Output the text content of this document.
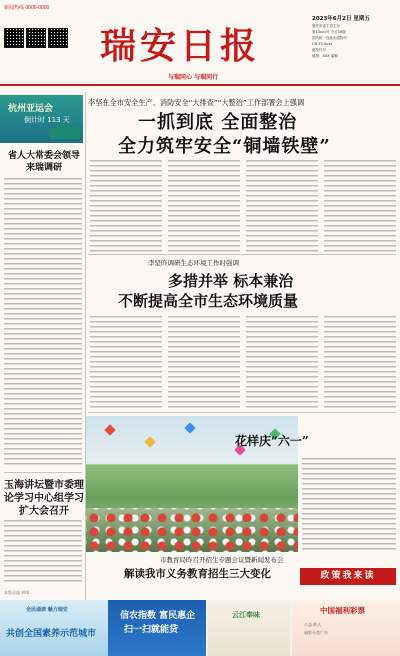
新闻热线 0000-0000
瑞安日报
与瑞同心 与瑞同行
2023年6月2日 星期五
瑞安市委主管主办
第13xxx号 今日16版
国内统一连续出版物号
CN 33-0xxx
邮发代号
值班：XXX 编辑
杭州亚运会
倒计时 113 天
李坚在全市安全生产、消防安全“大排查”“大整治”工作部署会上强调
一抓到底 全面整治
全力筑牢安全“铜墙铁壁”
省人大常委会领导来瑞调研
李坚昨调研生态环境工作时强调
多措并举 标本兼治
不断提高全市生态环境质量
花样庆“六一”
玉海讲坛暨市委理论学习中心组学习扩大会召开
本版责编 XXX
市教育局昨召开招生专题会议暨新闻发布会
解读我市义务教育招生三大变化	政策我来读
全民诵读 魅力瑞安
共创全国素养示范城市
信农指数 富民惠企
扫一扫就能贷
云江奉味	中国福利彩票
公益 助人
福彩分类广告
